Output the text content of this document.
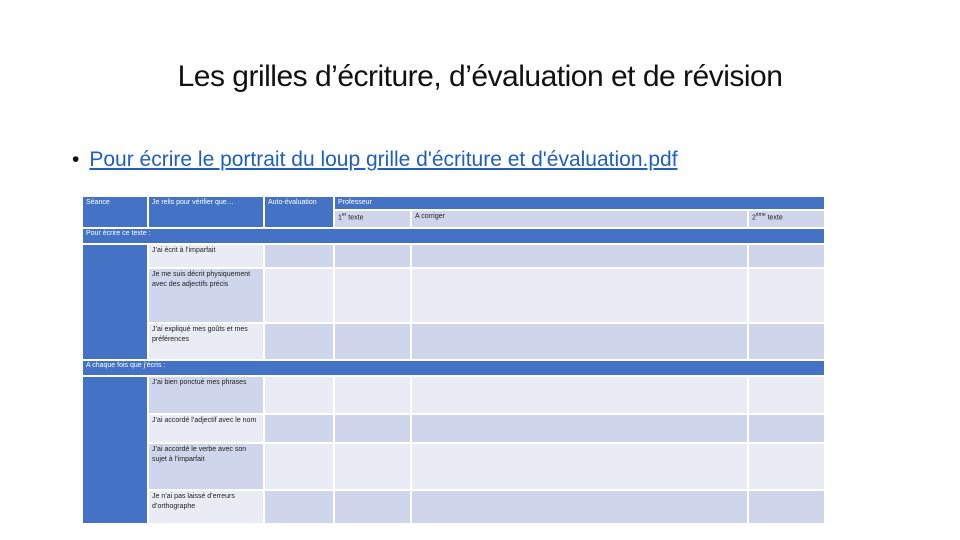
Les grilles d’écriture, d’évaluation et de révision
• Pour écrire le portrait du loup grille d'écriture et d'évaluation.pdf
Séance	Je relis pour vérifier que…	Auto-évaluation	Professeur		
			1er texte	A corriger	2ème texte
Pour écrire ce texte :					
	J’ai écrit à l’imparfait				
	Je me suis décrit physiquement avec des adjectifs précis				
	J’ai expliqué mes goûts et mes préférences				
A chaque fois que j’écris :					
	J’ai bien ponctué mes phrases				
	J’ai accordé l’adjectif avec le nom				
	J’ai accordé le verbe avec son sujet à l’imparfait				
	Je n’ai pas laissé d’erreurs d’orthographe				
